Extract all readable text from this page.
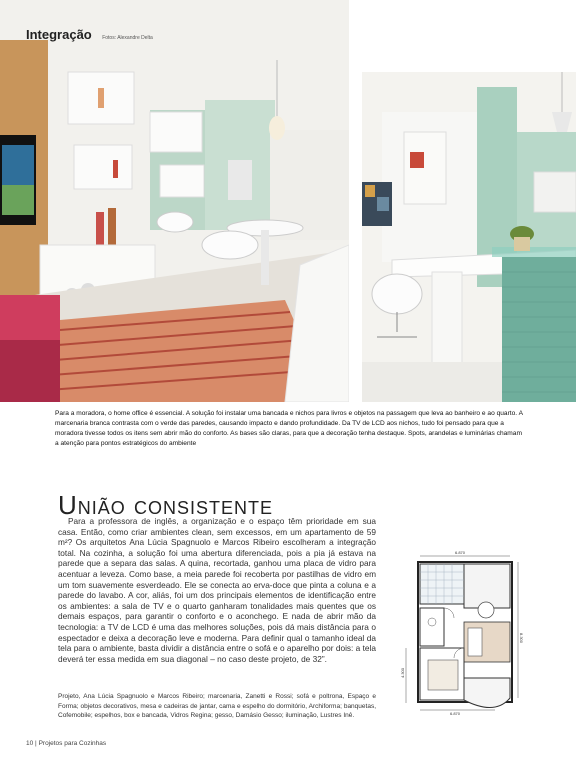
Integração Fotos: Alexandre Delta
Para a moradora, o home office é essencial. A solução foi instalar uma bancada e nichos para livros e objetos na passagem que leva ao banheiro e ao quarto. A marcenaria branca contrasta com o verde das paredes, causando impacto e dando profundidade. Da TV de LCD aos nichos, tudo foi pensado para que a moradora tivesse todos os itens sem abrir mão do conforto. As bases são claras, para que a decoração tenha destaque. Spots, arandelas e luminárias chamam a atenção para pontos estratégicos do ambiente
União consistente

Para a professora de inglês, a organização e o espaço têm prioridade em sua casa. Então, como criar ambientes clean, sem excessos, em um apartamento de 59 m²? Os arquitetos Ana Lúcia Spagnuolo e Marcos Ribeiro escolheram a integração total. Na cozinha, a solução foi uma abertura diferenciada, pois a pia já estava na parede que a separa das salas. A quina, recortada, ganhou uma placa de vidro para acentuar a leveza. Como base, a meia parede foi recoberta por pastilhas de vidro em um tom suavemente esverdeado. Ele se conecta ao erva-doce que pinta a coluna e a parede do lavabo. A cor, aliás, foi um dos principais elementos de identificação entre os ambientes: a sala de TV e o quarto ganharam tonalidades mais quentes que os demais espaços, para garantir o conforto e o aconchego. E nada de abrir mão da tecnologia: a TV de LCD é uma das melhores soluções, pois dá mais distância para o espectador e deixa a decoração leve e moderna. Para definir qual o tamanho ideal da tela para o ambiente, basta dividir a distância entre o sofá e o aparelho por dois: a tela deverá ter essa medida em sua diagonal – no caso deste projeto, de 32”.

Projeto, Ana Lúcia Spagnuolo e Marcos Ribeiro; marcenaria, Zanetti e Rossi; sofá e poltrona, Espaço e Forma; objetos decorativos, mesa e cadeiras de jantar, cama e espelho do dormitório, Archiforma; banquetas, Cofemobile; espelhos, box e bancada, Vidros Regina; gesso, Damásio Gesso; iluminação, Lustres Inê.
6.870
8.300
4.300
6.870
10 | Projetos para Cozinhas
